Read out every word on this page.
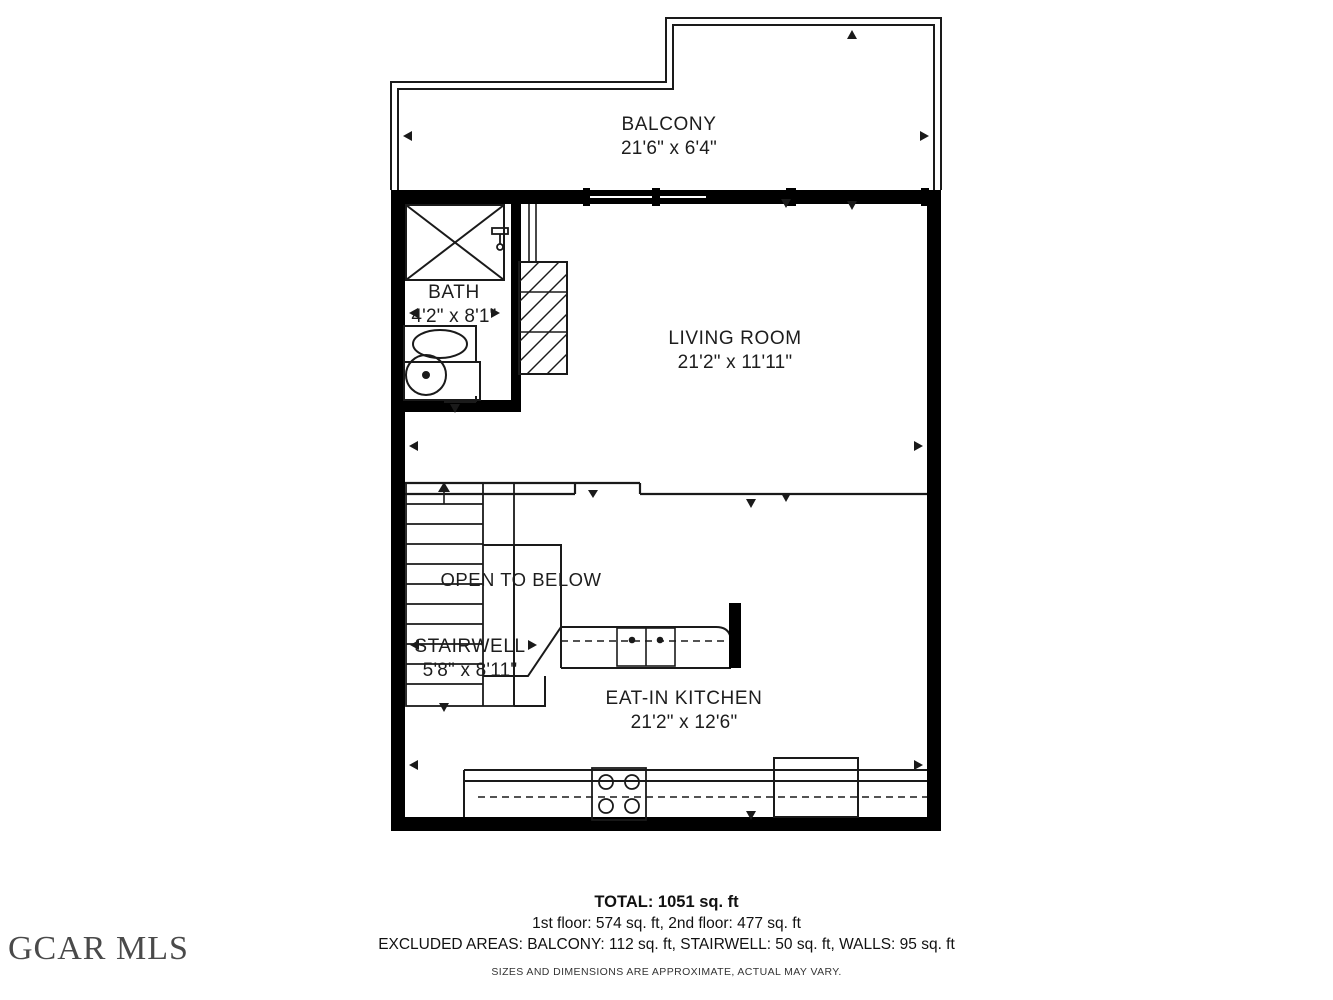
BALCONY
21'6" x 6'4"
BATH
4'2" x 8'1"
LIVING ROOM
21'2" x 11'11"
STAIRWELL
5'8" x 8'11"
EAT-IN KITCHEN
21'2" x 12'6"
OPEN TO BELOW
TOTAL: 1051 sq. ft
1st floor: 574 sq. ft, 2nd floor: 477 sq. ft
EXCLUDED AREAS: BALCONY: 112 sq. ft, STAIRWELL: 50 sq. ft, WALLS: 95 sq. ft
SIZES AND DIMENSIONS ARE APPROXIMATE, ACTUAL MAY VARY.
GCAR MLS
